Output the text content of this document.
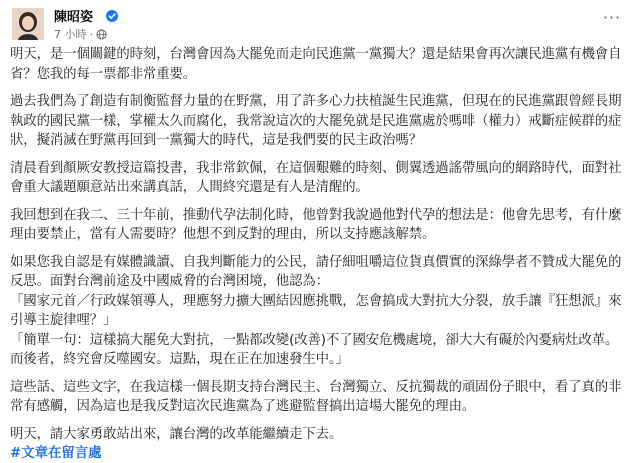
陳昭姿
7 小時 ·
···

明天，是一個關鍵的時刻，台灣會因為大罷免而走向民進黨一黨獨大？還是結果會再次讓民進黨有機會自省？您我的每一票都非常重要。

過去我們為了創造有制衡監督力量的在野黨，用了許多心力扶植誕生民進黨，但現在的民進黨跟曾經長期執政的國民黨一樣，掌權太久而腐化，我常說這次的大罷免就是民進黨處於嗎啡（權力）戒斷症候群的症狀，擬消滅在野黨再回到一黨獨大的時代，這是我們要的民主政治嗎？

清晨看到顏厥安教授這篇投書，我非常欽佩，在這個艱難的時刻、側翼透過謠帶風向的網路時代，面對社會重大議題願意站出來講真話，人間終究還是有人是清醒的。

我回想到在我二、三十年前，推動代孕法制化時，他曾對我說過他對代孕的想法是：他會先思考，有什麼理由要禁止，當有人需要時？他想不到反對的理由，所以支持應該解禁。

如果您我自認是有媒體識讀、自我判斷能力的公民，請仔細咀嚼這位貨真價實的深綠學者不贊成大罷免的反思。面對台灣前途及中國威脅的台灣困境，他認為：

「國家元首／行政媒領導人，理應努力擴大團結因應挑戰，怎會搞成大對抗大分裂，放手讓『狂想派』來引導主旋律哩？」

「簡單一句：這樣搞大罷免大對抗，一點都改變(改善)不了國安危機處境，卻大大有礙於內憂病灶改革。而後者，終究會反噬國安。這點，現在正在加速發生中。」

這些話、這些文字，在我這樣一個長期支持台灣民主、台灣獨立、反抗獨裁的頑固份子眼中，看了真的非常有感觸，因為這也是我反對這次民進黨為了逃避監督搞出這場大罷免的理由。

明天，請大家勇敢站出來，讓台灣的改革能繼續走下去。

#文章在留言處
